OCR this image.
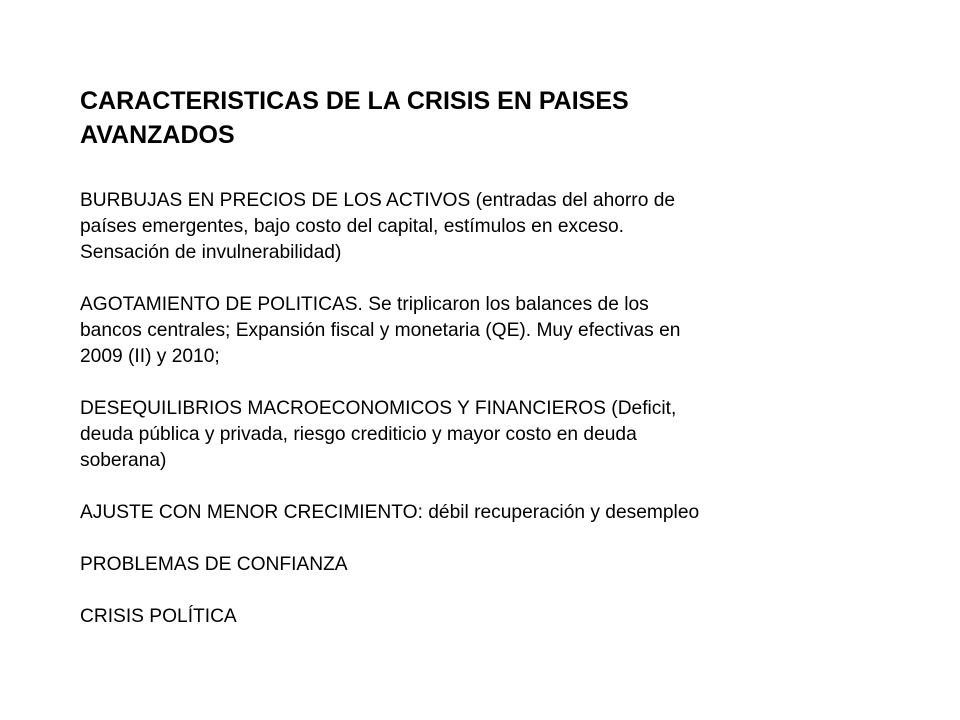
CARACTERISTICAS DE LA CRISIS EN PAISES
AVANZADOS

BURBUJAS EN PRECIOS DE LOS ACTIVOS (entradas del ahorro de
países emergentes, bajo costo del capital, estímulos en exceso.
Sensación de invulnerabilidad)

AGOTAMIENTO DE POLITICAS. Se triplicaron los balances de los
bancos centrales; Expansión fiscal y monetaria (QE). Muy efectivas en
2009 (II) y 2010;

DESEQUILIBRIOS MACROECONOMICOS Y FINANCIEROS (Deficit,
deuda pública y privada, riesgo crediticio y mayor costo en deuda
soberana)

AJUSTE CON MENOR CRECIMIENTO: débil recuperación y desempleo

PROBLEMAS DE CONFIANZA

CRISIS POLÍTICA
